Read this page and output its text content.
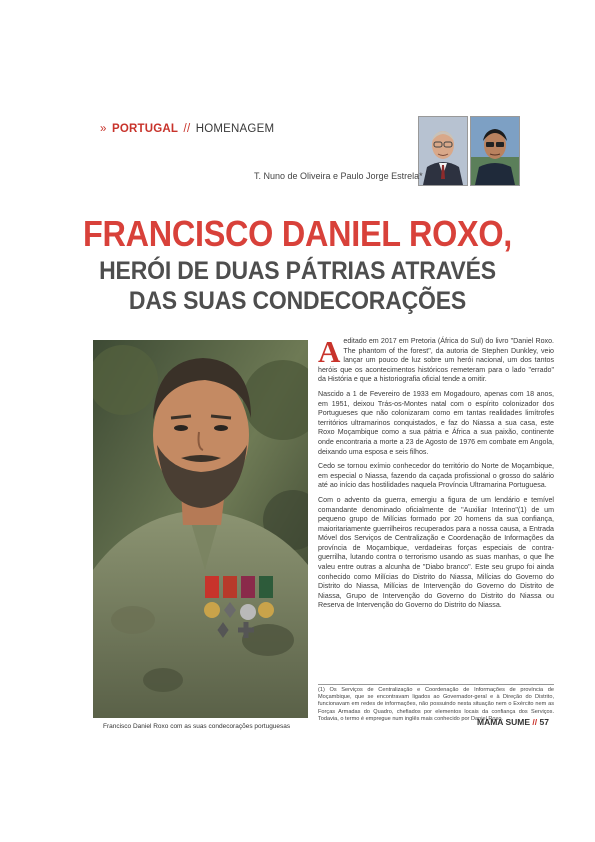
» PORTUGAL // HOMENAGEM
T. Nuno de Oliveira e Paulo Jorge Estrela*
FRANCISCO DANIEL ROXO,
HERÓI DE DUAS PÁTRIAS ATRAVÉS
DAS SUAS CONDECORAÇÕES
Francisco Daniel Roxo com as suas condecorações portuguesas

Aeditado em 2017 em Pretoria (África do Sul) do livro "Daniel Roxo. The phantom of the forest", da autoria de Stephen Dunkley, veio lançar um pouco de luz sobre um herói nacional, um dos tantos heróis que os acontecimentos históricos remeteram para o lado "errado" da História e que a historiografia oficial tende a omitir.

Nascido a 1 de Fevereiro de 1933 em Mogadouro, apenas com 18 anos, em 1951, deixou Trás-os-Montes natal com o espírito colonizador dos Portugueses que não colonizaram como em tantas realidades limítrofes territórios ultramarinos conquistados, e faz do Niassa a sua casa, este Roxo Moçambique como a sua pátria e África a sua paixão, continente onde encontraria a morte a 23 de Agosto de 1976 em combate em Angola, deixando uma esposa e seis filhos.

Cedo se tornou exímio conhecedor do território do Norte de Moçambique, em especial o Niassa, fazendo da caçada profissional o grosso do salário até ao início das hostilidades naquela Província Ultramarina Portuguesa.

Com o advento da guerra, emergiu a figura de um lendário e temível comandante denominado oficialmente de "Auxiliar Interino"(1) de um pequeno grupo de Milícias formado por 20 homens da sua confiança, maioritariamente guerrilheiros recuperados para a nossa causa, a Entrada Móvel dos Serviços de Centralização e Coordenação de Informações da província de Moçambique, verdadeiras forças especiais de contra-guerrilha, lutando contra o terrorismo usando as suas manhas, o que lhe valeu entre outras a alcunha de "Diabo branco". Este seu grupo foi ainda conhecido como Milícias do Distrito do Niassa, Milícias do Governo do Distrito do Niassa, Milícias de Intervenção do Governo do Distrito de Niassa, Grupo de Intervenção do Governo do Distrito do Niassa ou Reserva de Intervenção do Governo do Distrito do Niassa.

(1) Os Serviços de Centralização e Coordenação de Informações de província de Moçambique, que se encontravam ligados ao Governador-geral e à Direção do Distrito, funcionavam em redes de informações, não possuindo nesta situação nem o Exército nem as Forças Armadas do Quadro, chefiados por elementos locais da confiança dos Serviços. Todavia, o termo é empregue num inglês mais conhecido por Daniel Roxo.
MAMA SUME // 57
